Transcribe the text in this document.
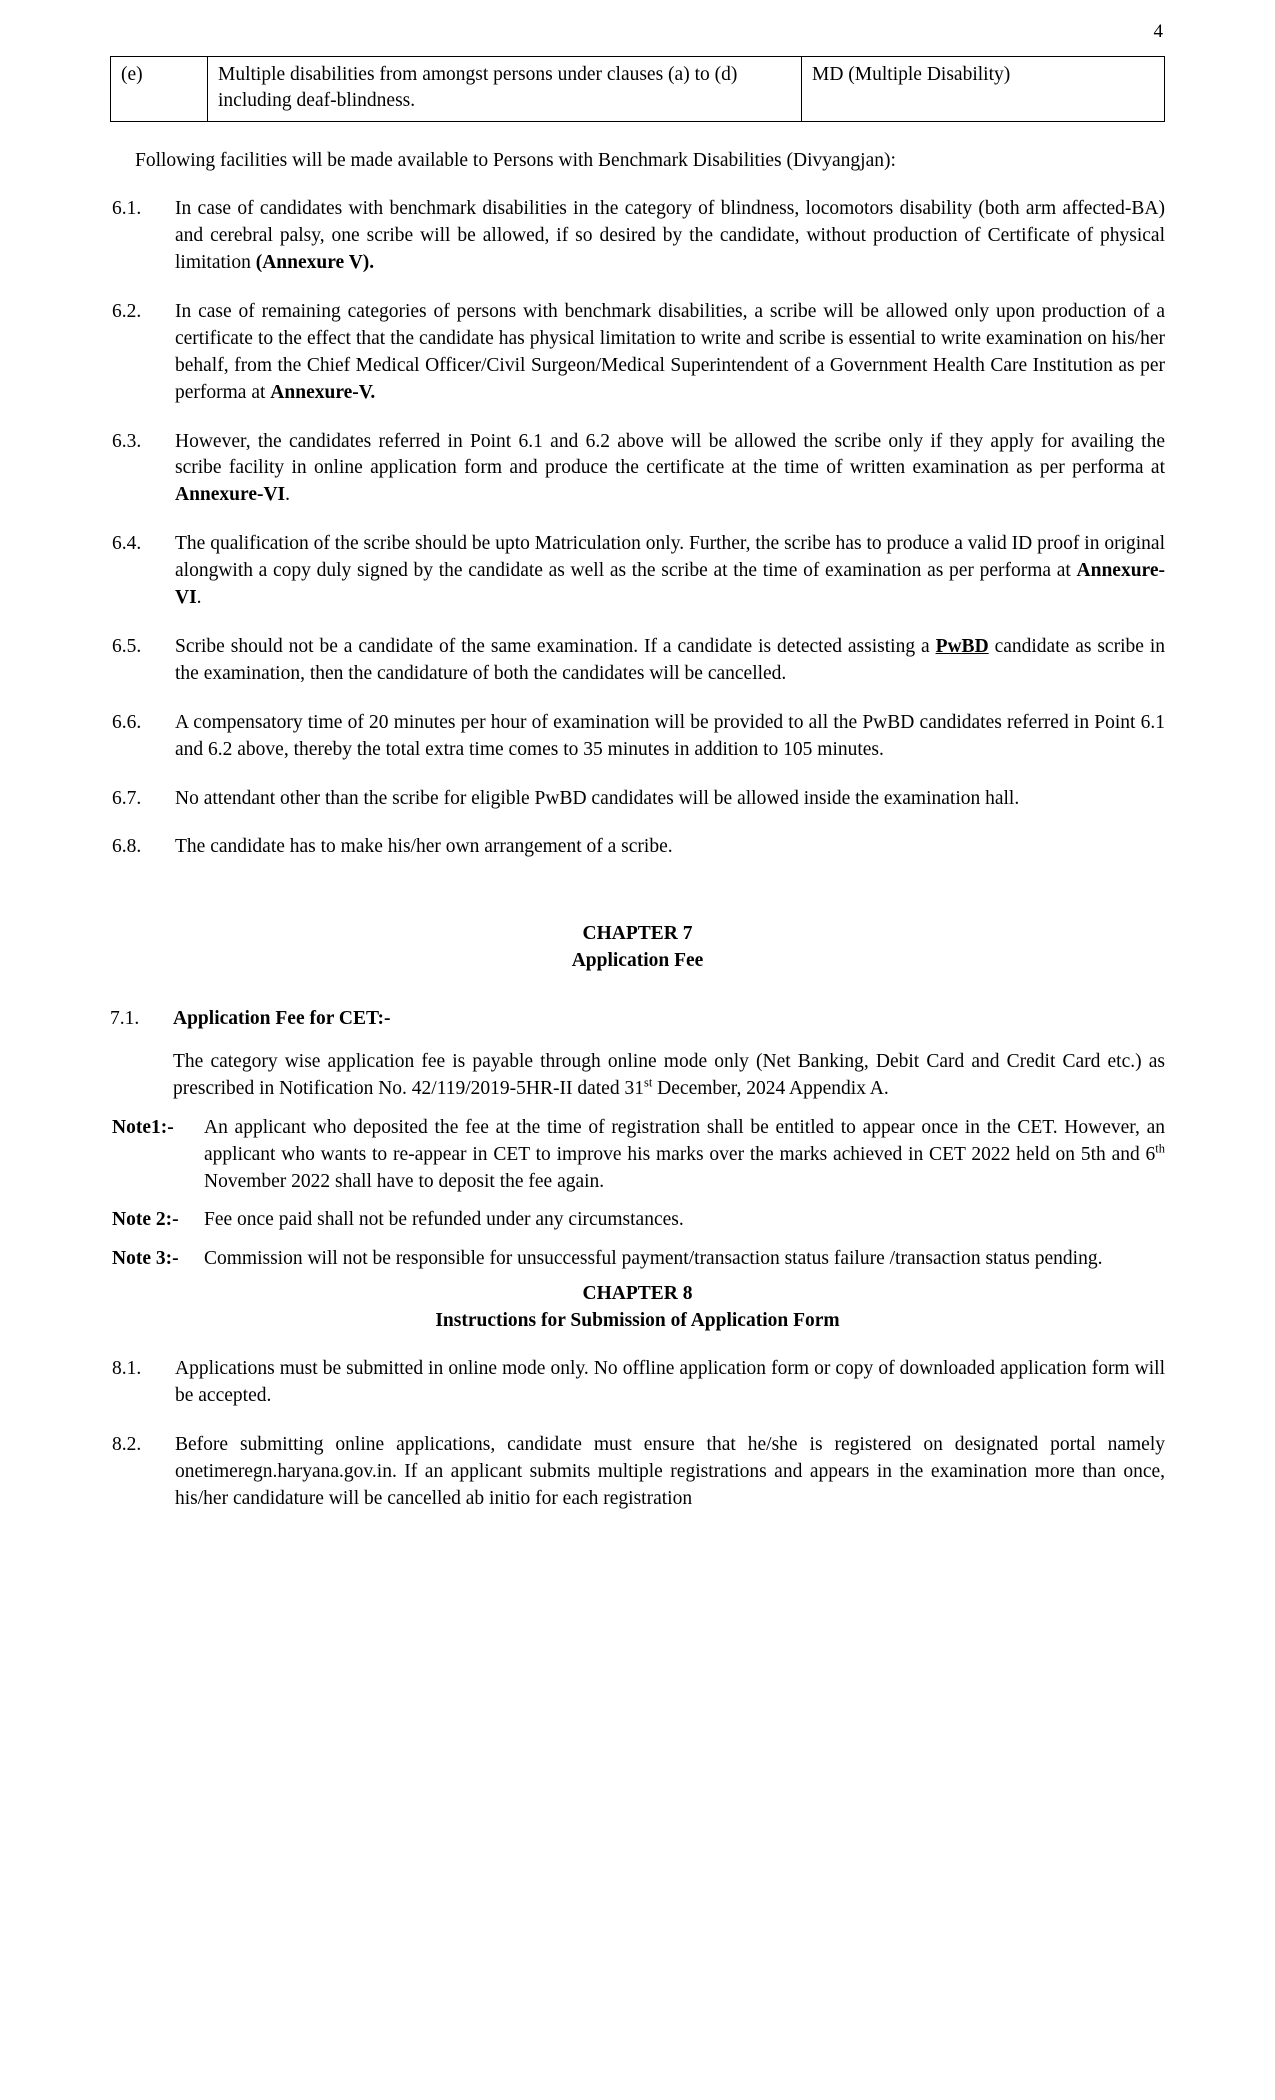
4
(e)	Multiple disabilities from amongst persons under clauses (a) to (d) including deaf-blindness.	MD (Multiple Disability)
Following facilities will be made available to Persons with Benchmark Disabilities (Divyangjan):
6.1.	In case of candidates with benchmark disabilities in the category of blindness, locomotors disability (both arm affected-BA) and cerebral palsy, one scribe will be allowed, if so desired by the candidate, without production of Certificate of physical limitation (Annexure V).
6.2.	In case of remaining categories of persons with benchmark disabilities, a scribe will be allowed only upon production of a certificate to the effect that the candidate has physical limitation to write and scribe is essential to write examination on his/her behalf, from the Chief Medical Officer/Civil Surgeon/Medical Superintendent of a Government Health Care Institution as per performa at Annexure-V.
6.3.	However, the candidates referred in Point 6.1 and 6.2 above will be allowed the scribe only if they apply for availing the scribe facility in online application form and produce the certificate at the time of written examination as per performa at Annexure-VI.
6.4.	The qualification of the scribe should be upto Matriculation only. Further, the scribe has to produce a valid ID proof in original alongwith a copy duly signed by the candidate as well as the scribe at the time of examination as per performa at Annexure-VI.
6.5.	Scribe should not be a candidate of the same examination. If a candidate is detected assisting a PwBD candidate as scribe in the examination, then the candidature of both the candidates will be cancelled.
6.6.	A compensatory time of 20 minutes per hour of examination will be provided to all the PwBD candidates referred in Point 6.1 and 6.2 above, thereby the total extra time comes to 35 minutes in addition to 105 minutes.
6.7.	No attendant other than the scribe for eligible PwBD candidates will be allowed inside the examination hall.
6.8.	The candidate has to make his/her own arrangement of a scribe.
CHAPTER 7
Application Fee
7.1.	Application Fee for CET:-
The category wise application fee is payable through online mode only (Net Banking, Debit Card and Credit Card etc.) as prescribed in Notification No. 42/119/2019-5HR-II dated 31st December, 2024 Appendix A.
Note1:-	An applicant who deposited the fee at the time of registration shall be entitled to appear once in the CET. However, an applicant who wants to re-appear in CET to improve his marks over the marks achieved in CET 2022 held on 5th and 6th November 2022 shall have to deposit the fee again.
Note 2:-	Fee once paid shall not be refunded under any circumstances.
Note 3:-	Commission will not be responsible for unsuccessful payment/transaction status failure /transaction status pending.
CHAPTER 8
Instructions for Submission of Application Form
8.1.	Applications must be submitted in online mode only. No offline application form or copy of downloaded application form will be accepted.
8.2.	Before submitting online applications, candidate must ensure that he/she is registered on designated portal namely onetimeregn.haryana.gov.in. If an applicant submits multiple registrations and appears in the examination more than once, his/her candidature will be cancelled ab initio for each registration
